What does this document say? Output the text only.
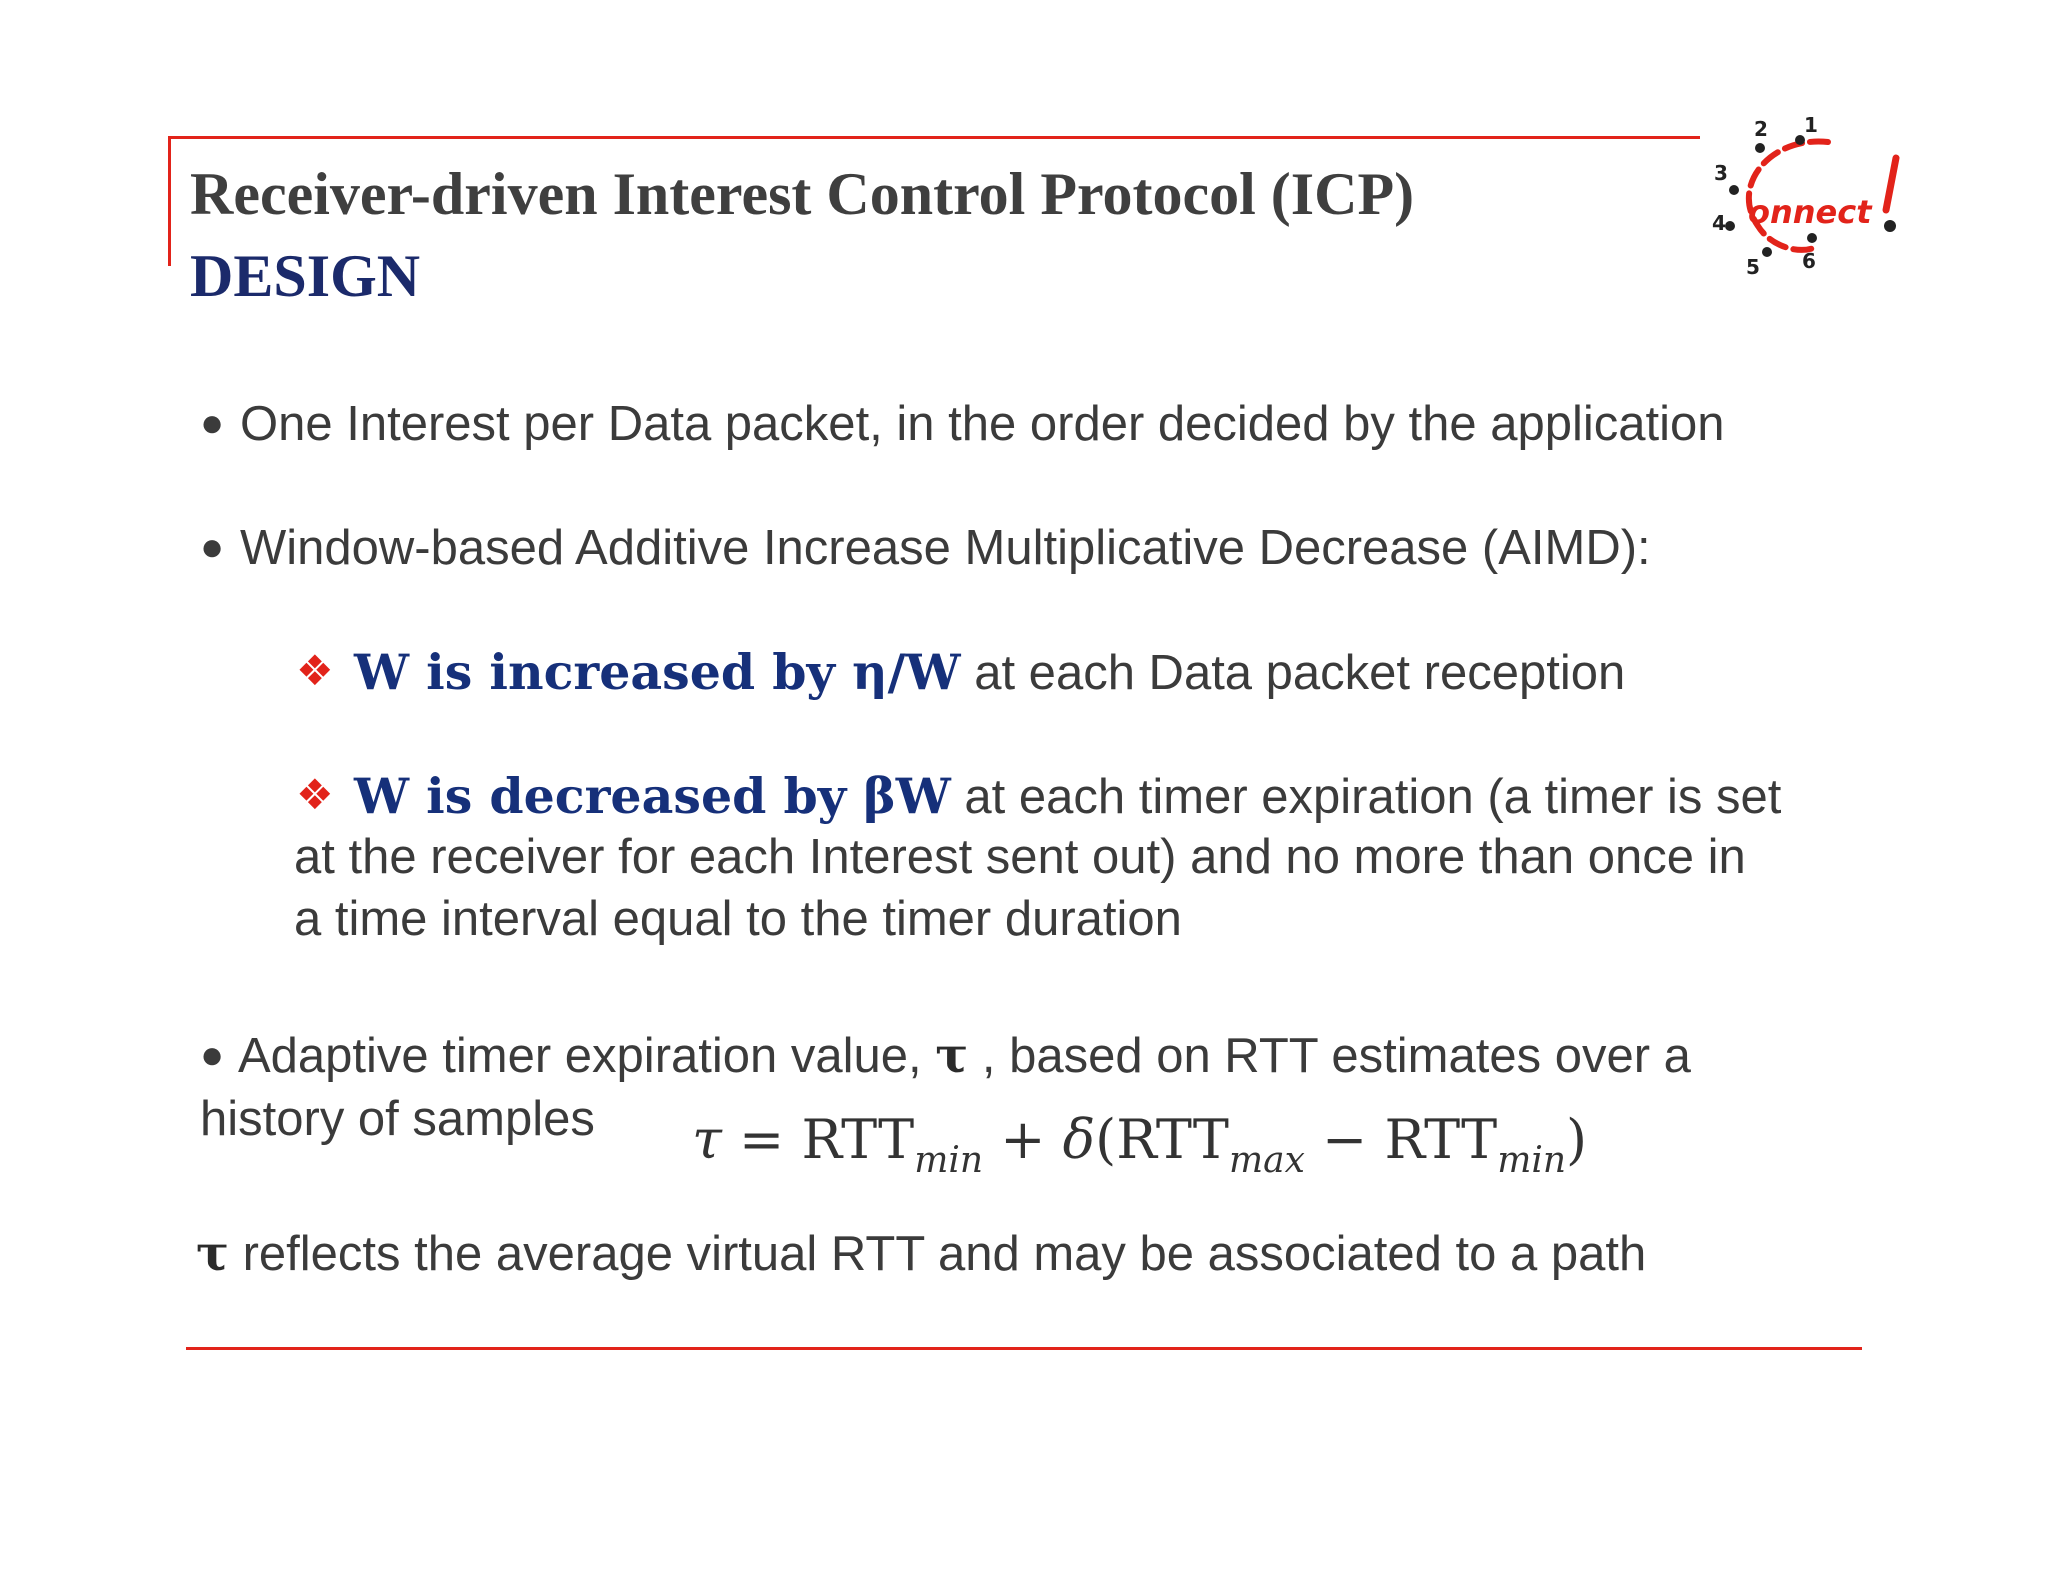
Receiver-driven Interest Control Protocol (ICP)
DESIGN
2 1
3
4
5 6
onnect
● One Interest per Data packet, in the order decided by the application
● Window-based Additive Increase Multiplicative Decrease (AIMD):
❖ W is increased by η/W at each Data packet reception
❖ W is decreased by βW at each timer expiration (a timer is set
at the receiver for each Interest sent out) and no more than once in
a time interval equal to the timer duration
● Adaptive timer expiration value, τ , based on RTT estimates over a
history of samples $\tau = RTT_{min} + \delta(RTT_{max} - RTT_{min})$
τ reflects the average virtual RTT and may be associated to a path
